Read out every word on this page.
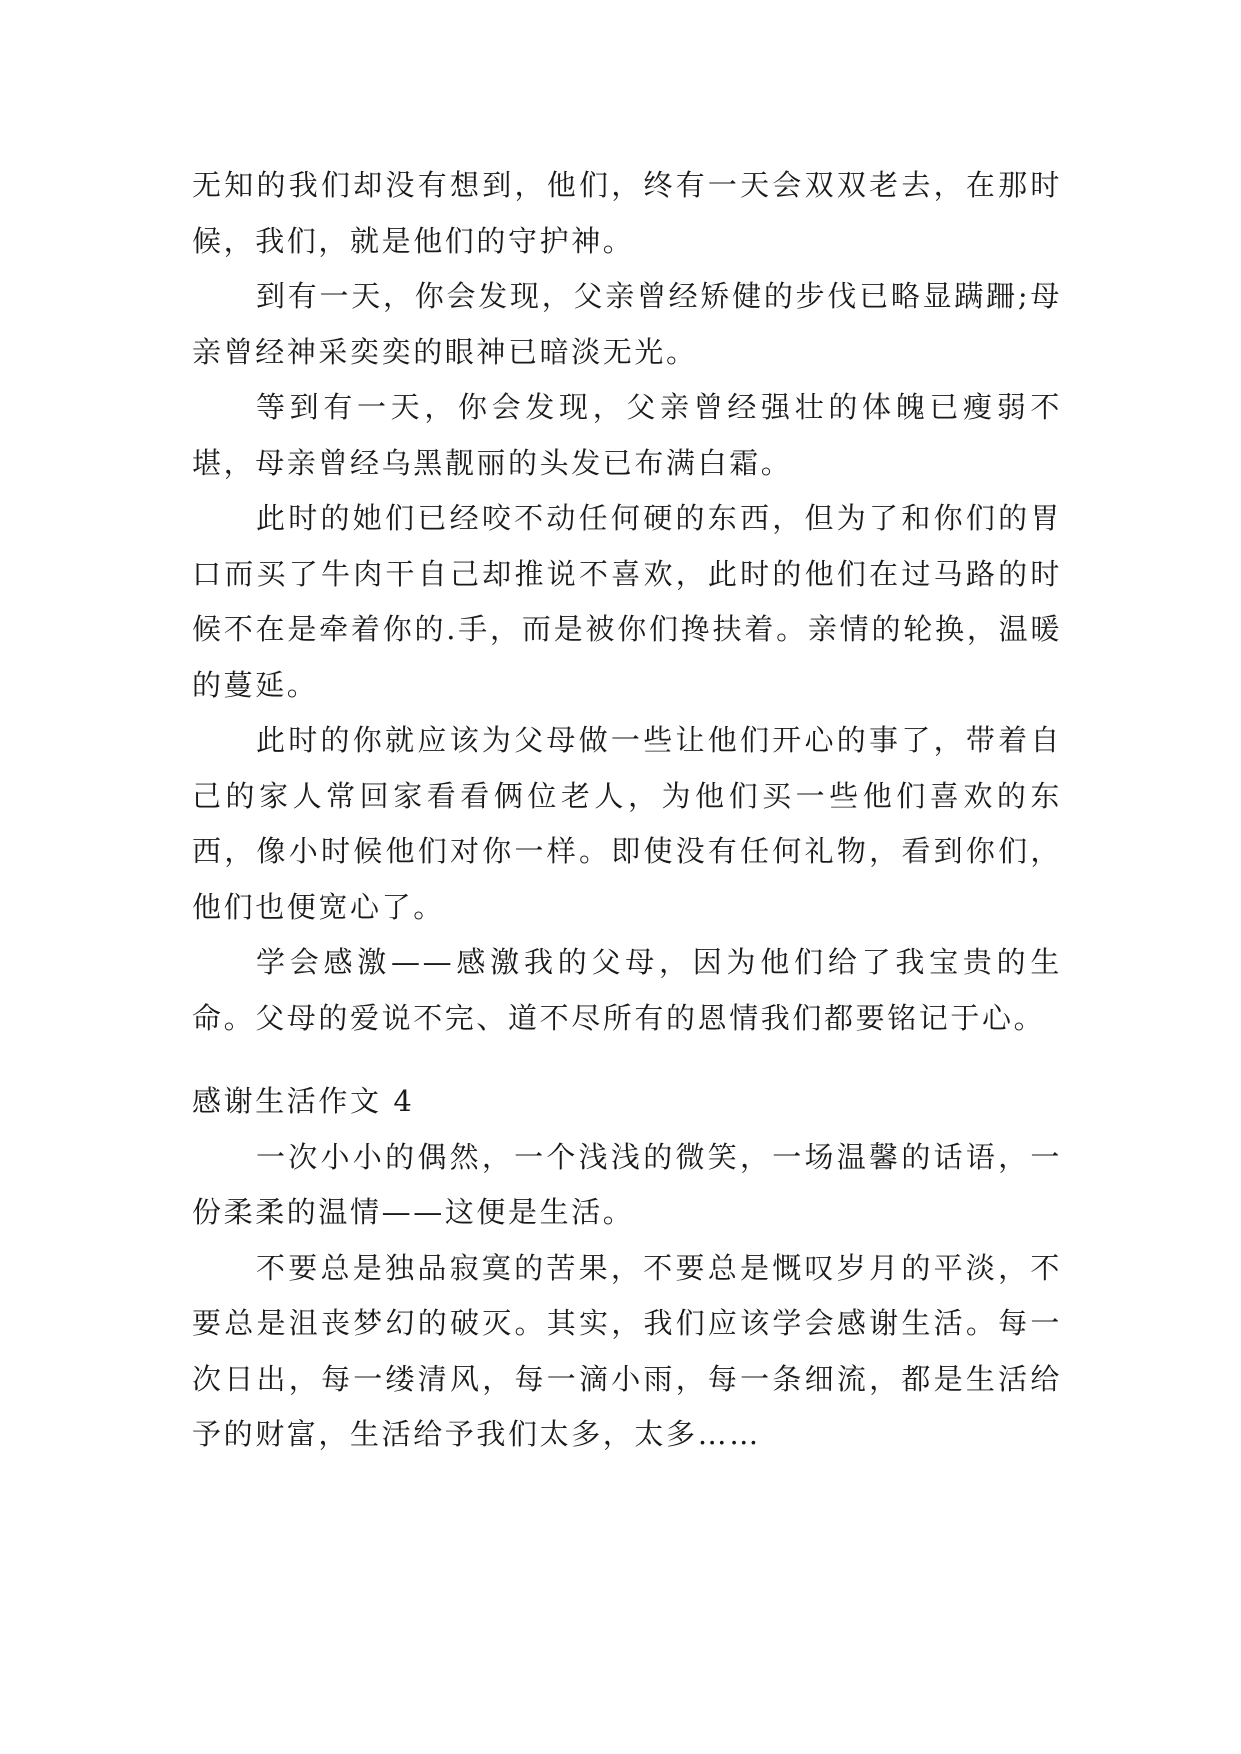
无知的我们却没有想到，他们，终有一天会双双老去，在那时候，我们，就是他们的守护神。

到有一天，你会发现，父亲曾经矫健的步伐已略显蹒跚;母亲曾经神采奕奕的眼神已暗淡无光。

等到有一天，你会发现，父亲曾经强壮的体魄已瘦弱不堪，母亲曾经乌黑靓丽的头发已布满白霜。

此时的她们已经咬不动任何硬的东西，但为了和你们的胃口而买了牛肉干自己却推说不喜欢，此时的他们在过马路的时候不在是牵着你的.手，而是被你们搀扶着。亲情的轮换，温暖的蔓延。

此时的你就应该为父母做一些让他们开心的事了，带着自己的家人常回家看看俩位老人，为他们买一些他们喜欢的东西，像小时候他们对你一样。即使没有任何礼物，看到你们，他们也便宽心了。

学会感激——感激我的父母，因为他们给了我宝贵的生命。父母的爱说不完、道不尽所有的恩情我们都要铭记于心。

感谢生活作文 4

一次小小的偶然，一个浅浅的微笑，一场温馨的话语，一份柔柔的温情——这便是生活。

不要总是独品寂寞的苦果，不要总是慨叹岁月的平淡，不要总是沮丧梦幻的破灭。其实，我们应该学会感谢生活。每一次日出，每一缕清风，每一滴小雨，每一条细流，都是生活给予的财富，生活给予我们太多，太多……
